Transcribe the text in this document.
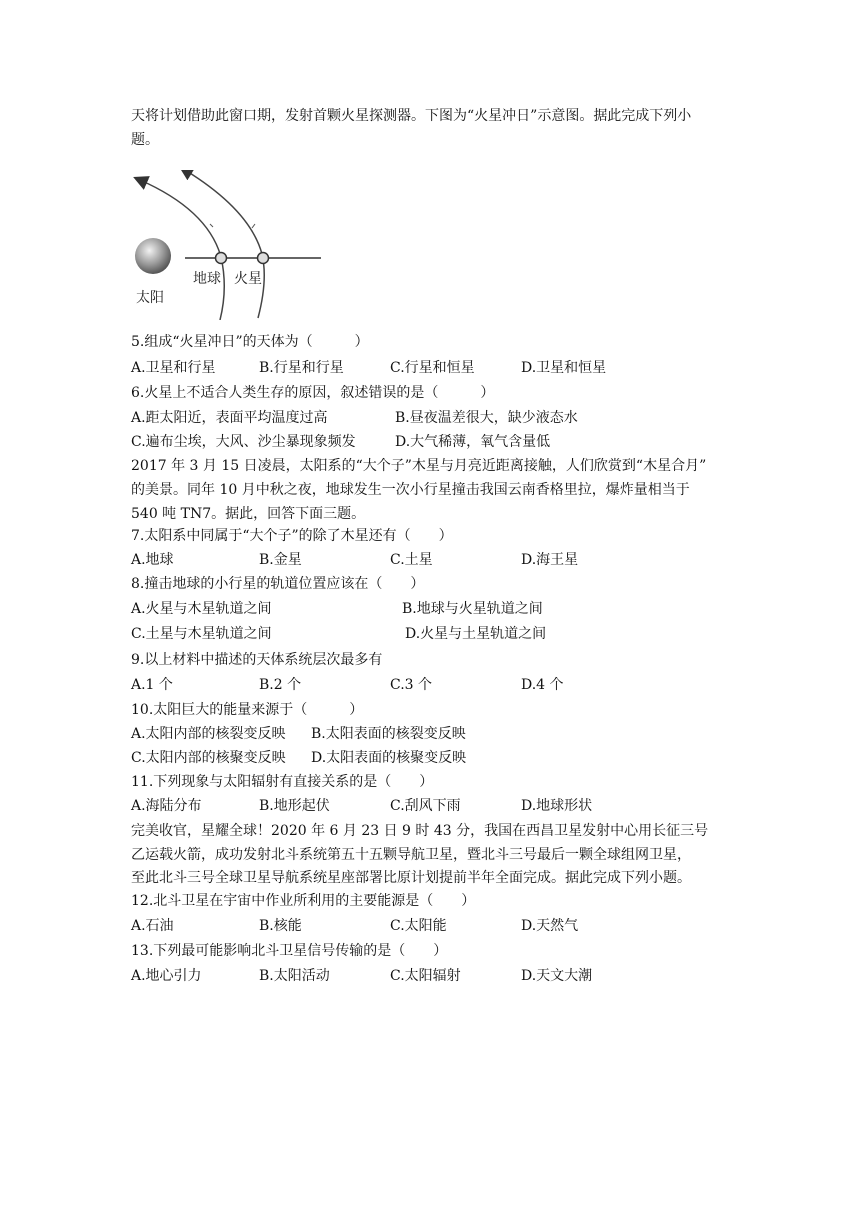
天将计划借助此窗口期，发射首颗火星探测器。下图为“火星冲日”示意图。据此完成下列小
题。
太阳
地球 火星
5.组成“火星冲日”的天体为（　　　）
A.卫星和行星	B.行星和行星	C.行星和恒星	D.卫星和恒星
6.火星上不适合人类生存的原因，叙述错误的是（　　　）
A.距太阳近，表面平均温度过高	B.昼夜温差很大，缺少液态水
C.遍布尘埃，大风、沙尘暴现象频发	D.大气稀薄，氧气含量低
2017 年 3 月 15 日凌晨，太阳系的“大个子”木星与月亮近距离接触，人们欣赏到“木星合月”
的美景。同年 10 月中秋之夜，地球发生一次小行星撞击我国云南香格里拉，爆炸量相当于
540 吨 TN7。据此，回答下面三题。
7.太阳系中同属于“大个子”的除了木星还有（　　）
A.地球	B.金星	C.土星	D.海王星
8.撞击地球的小行星的轨道位置应该在（　　）
A.火星与木星轨道之间	B.地球与火星轨道之间
C.土星与木星轨道之间	D.火星与土星轨道之间
9.以上材料中描述的天体系统层次最多有
A.1 个	B.2 个	C.3 个	D.4 个
10.太阳巨大的能量来源于（　　　）
A.太阳内部的核裂变反映 B.太阳表面的核裂变反映
C.太阳内部的核聚变反映 D.太阳表面的核聚变反映
11.下列现象与太阳辐射有直接关系的是（　　）
A.海陆分布	B.地形起伏	C.刮风下雨	D.地球形状
完美收官，星耀全球！2020 年 6 月 23 日 9 时 43 分，我国在西昌卫星发射中心用长征三号
乙运载火箭，成功发射北斗系统第五十五颗导航卫星，暨北斗三号最后一颗全球组网卫星，
至此北斗三号全球卫星导航系统星座部署比原计划提前半年全面完成。据此完成下列小题。
12.北斗卫星在宇宙中作业所利用的主要能源是（　　）
A.石油	B.核能	C.太阳能	D.天然气
13.下列最可能影响北斗卫星信号传输的是（　　）
A.地心引力	B.太阳活动	C.太阳辐射	D.天文大潮
